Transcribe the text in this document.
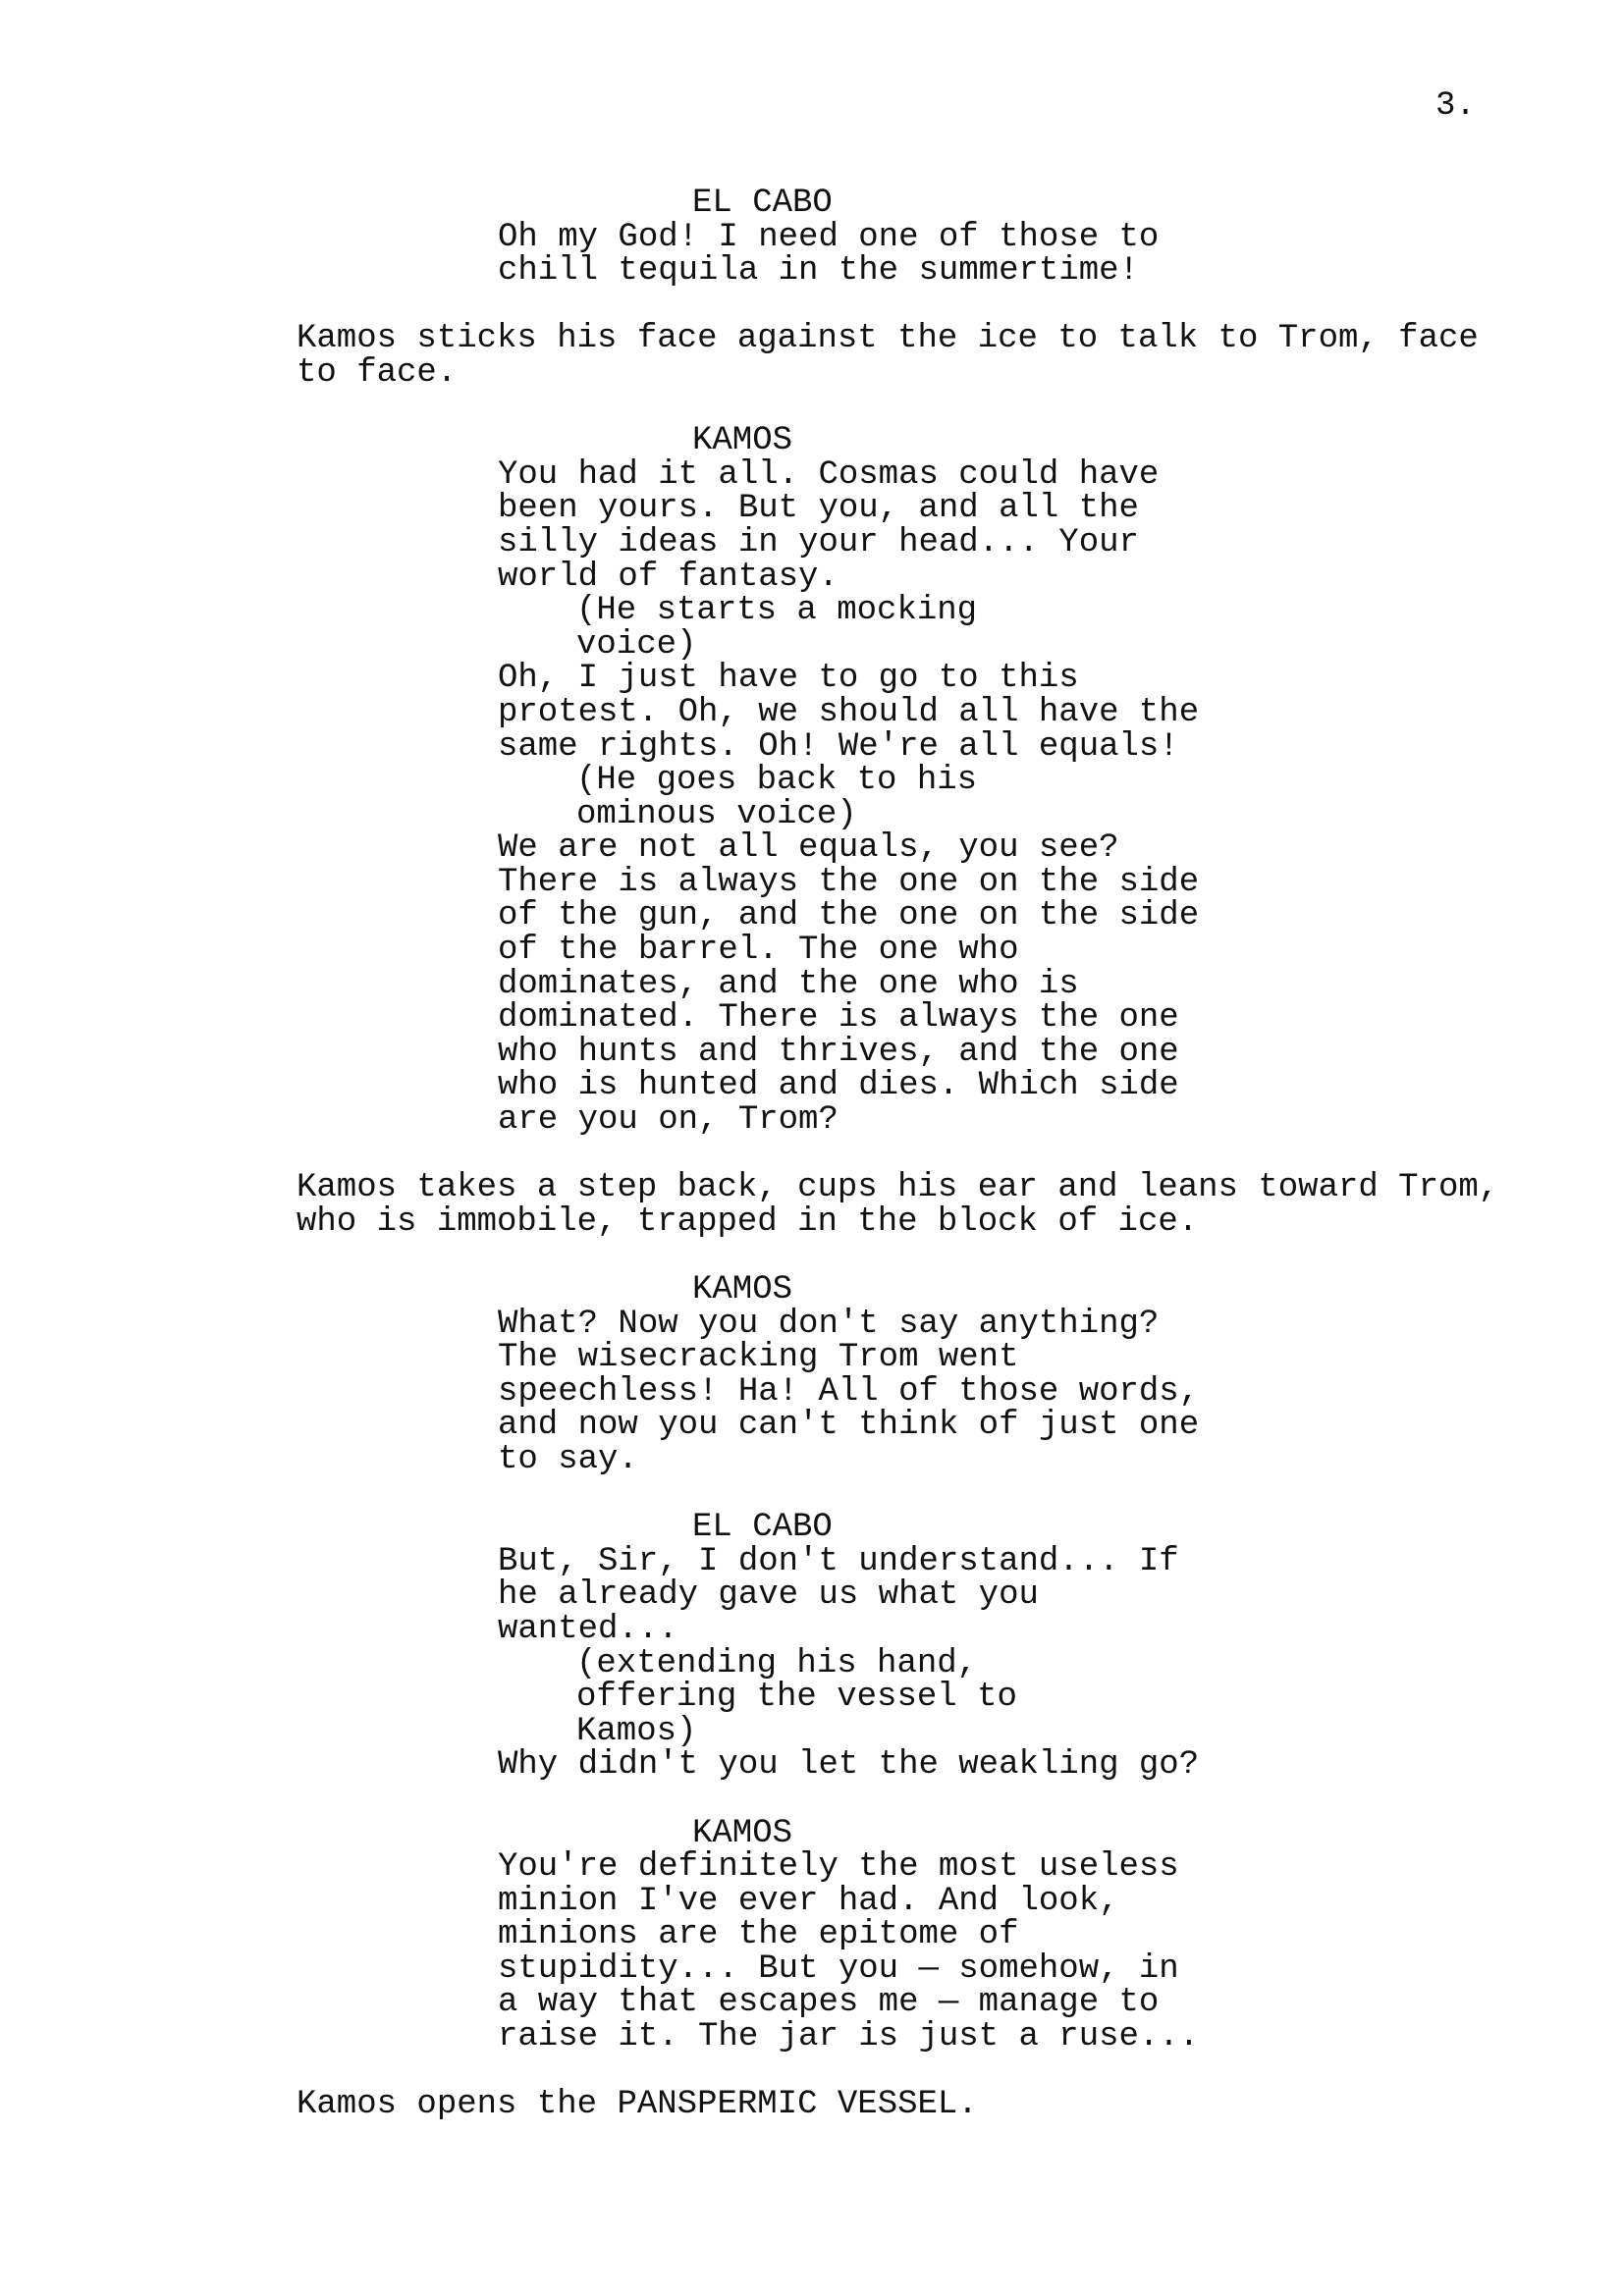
3.
EL CABO
Oh my God! I need one of those to
chill tequila in the summertime!
Kamos sticks his face against the ice to talk to Trom, face
to face.
KAMOS
You had it all. Cosmas could have
been yours. But you, and all the
silly ideas in your head... Your
world of fantasy.
(He starts a mocking
voice)
Oh, I just have to go to this
protest. Oh, we should all have the
same rights. Oh! We're all equals!
(He goes back to his
ominous voice)
We are not all equals, you see?
There is always the one on the side
of the gun, and the one on the side
of the barrel. The one who
dominates, and the one who is
dominated. There is always the one
who hunts and thrives, and the one
who is hunted and dies. Which side
are you on, Trom?
Kamos takes a step back, cups his ear and leans toward Trom,
who is immobile, trapped in the block of ice.
KAMOS
What? Now you don't say anything?
The wisecracking Trom went
speechless! Ha! All of those words,
and now you can't think of just one
to say.
EL CABO
But, Sir, I don't understand... If
he already gave us what you
wanted...
(extending his hand,
offering the vessel to
Kamos)
Why didn't you let the weakling go?
KAMOS
You're definitely the most useless
minion I've ever had. And look,
minions are the epitome of
stupidity... But you — somehow, in
a way that escapes me — manage to
raise it. The jar is just a ruse...
Kamos opens the PANSPERMIC VESSEL.
